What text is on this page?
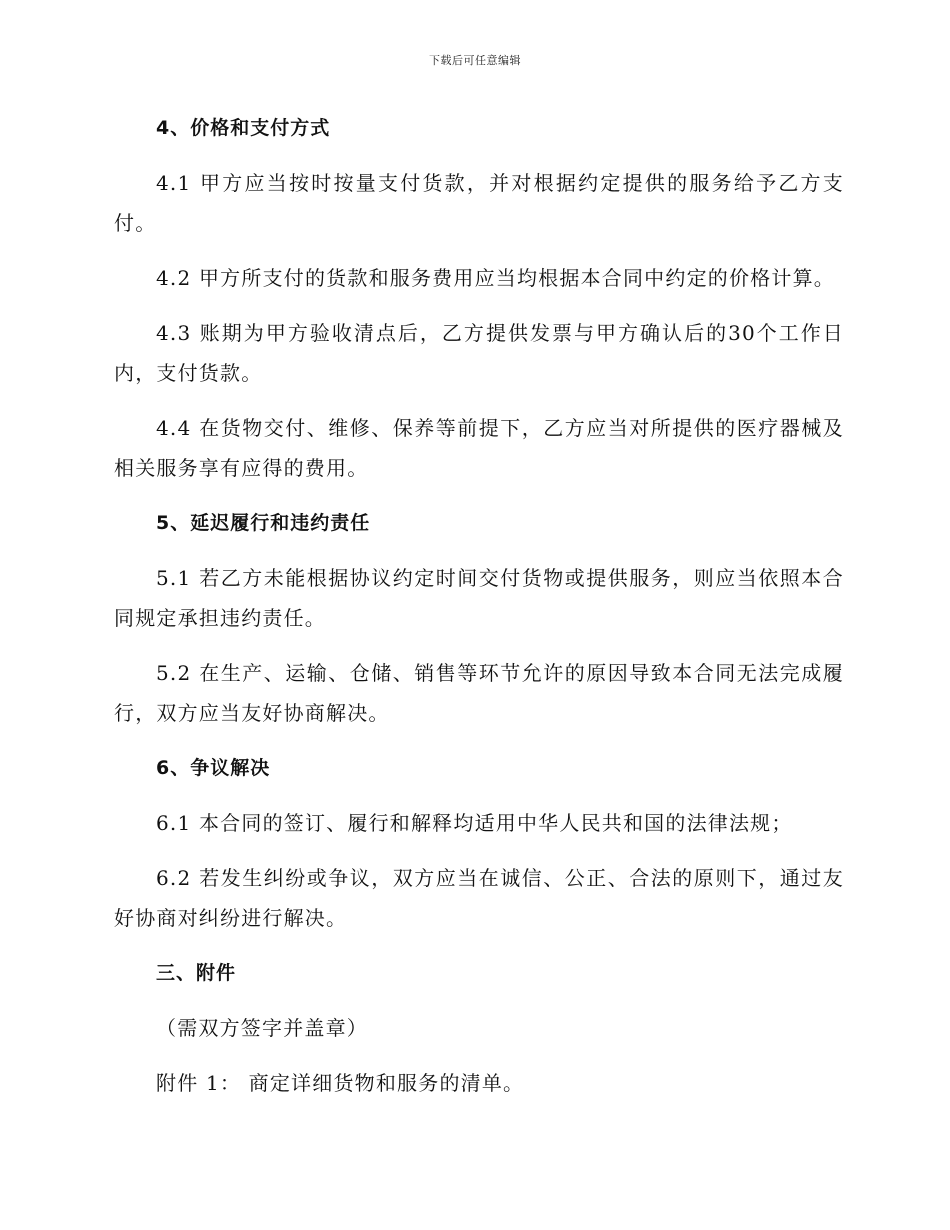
下载后可任意编辑

4、价格和支付方式

4.1 甲方应当按时按量支付货款，并对根据约定提供的服务给予乙方支付。

4.2 甲方所支付的货款和服务费用应当均根据本合同中约定的价格计算。

4.3 账期为甲方验收清点后，乙方提供发票与甲方确认后的30个工作日内，支付货款。

4.4 在货物交付、维修、保养等前提下，乙方应当对所提供的医疗器械及相关服务享有应得的费用。

5、延迟履行和违约责任

5.1 若乙方未能根据协议约定时间交付货物或提供服务，则应当依照本合同规定承担违约责任。

5.2 在生产、运输、仓储、销售等环节允许的原因导致本合同无法完成履行，双方应当友好协商解决。

6、争议解决

6.1 本合同的签订、履行和解释均适用中华人民共和国的法律法规；

6.2 若发生纠纷或争议，双方应当在诚信、公正、合法的原则下，通过友好协商对纠纷进行解决。

三、附件

（需双方签字并盖章）

附件 1： 商定详细货物和服务的清单。
